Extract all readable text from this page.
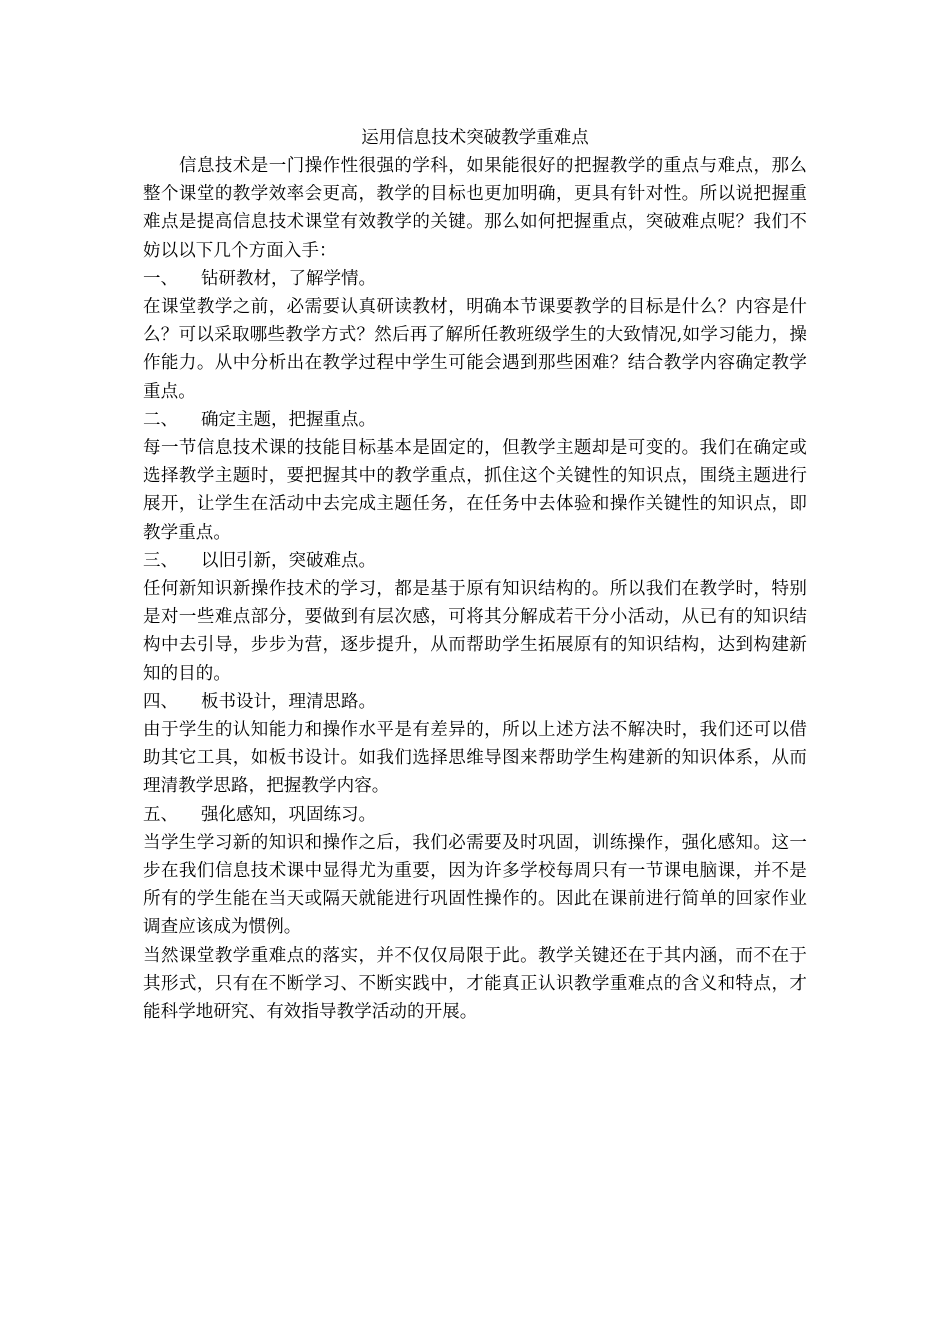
运用信息技术突破教学重难点

信息技术是一门操作性很强的学科，如果能很好的把握教学的重点与难点，那么整个课堂的教学效率会更高，教学的目标也更加明确，更具有针对性。所以说把握重难点是提高信息技术课堂有效教学的关键。那么如何把握重点，突破难点呢？我们不妨以以下几个方面入手：

一、 钻研教材，了解学情。

在课堂教学之前，必需要认真研读教材，明确本节课要教学的目标是什么？内容是什么？可以采取哪些教学方式？然后再了解所任教班级学生的大致情况,如学习能力，操作能力。从中分析出在教学过程中学生可能会遇到那些困难？结合教学内容确定教学重点。

二、 确定主题，把握重点。

每一节信息技术课的技能目标基本是固定的，但教学主题却是可变的。我们在确定或选择教学主题时，要把握其中的教学重点，抓住这个关键性的知识点，围绕主题进行展开，让学生在活动中去完成主题任务，在任务中去体验和操作关键性的知识点，即教学重点。

三、 以旧引新，突破难点。

任何新知识新操作技术的学习，都是基于原有知识结构的。所以我们在教学时，特别是对一些难点部分，要做到有层次感，可将其分解成若干分小活动，从已有的知识结构中去引导，步步为营，逐步提升，从而帮助学生拓展原有的知识结构，达到构建新知的目的。

四、 板书设计，理清思路。

由于学生的认知能力和操作水平是有差异的，所以上述方法不解决时，我们还可以借助其它工具，如板书设计。如我们选择思维导图来帮助学生构建新的知识体系，从而理清教学思路，把握教学内容。

五、 强化感知，巩固练习。

当学生学习新的知识和操作之后，我们必需要及时巩固，训练操作，强化感知。这一步在我们信息技术课中显得尤为重要，因为许多学校每周只有一节课电脑课，并不是所有的学生能在当天或隔天就能进行巩固性操作的。因此在课前进行简单的回家作业调查应该成为惯例。

当然课堂教学重难点的落实，并不仅仅局限于此。教学关键还在于其内涵，而不在于其形式，只有在不断学习、不断实践中，才能真正认识教学重难点的含义和特点，才能科学地研究、有效指导教学活动的开展。
